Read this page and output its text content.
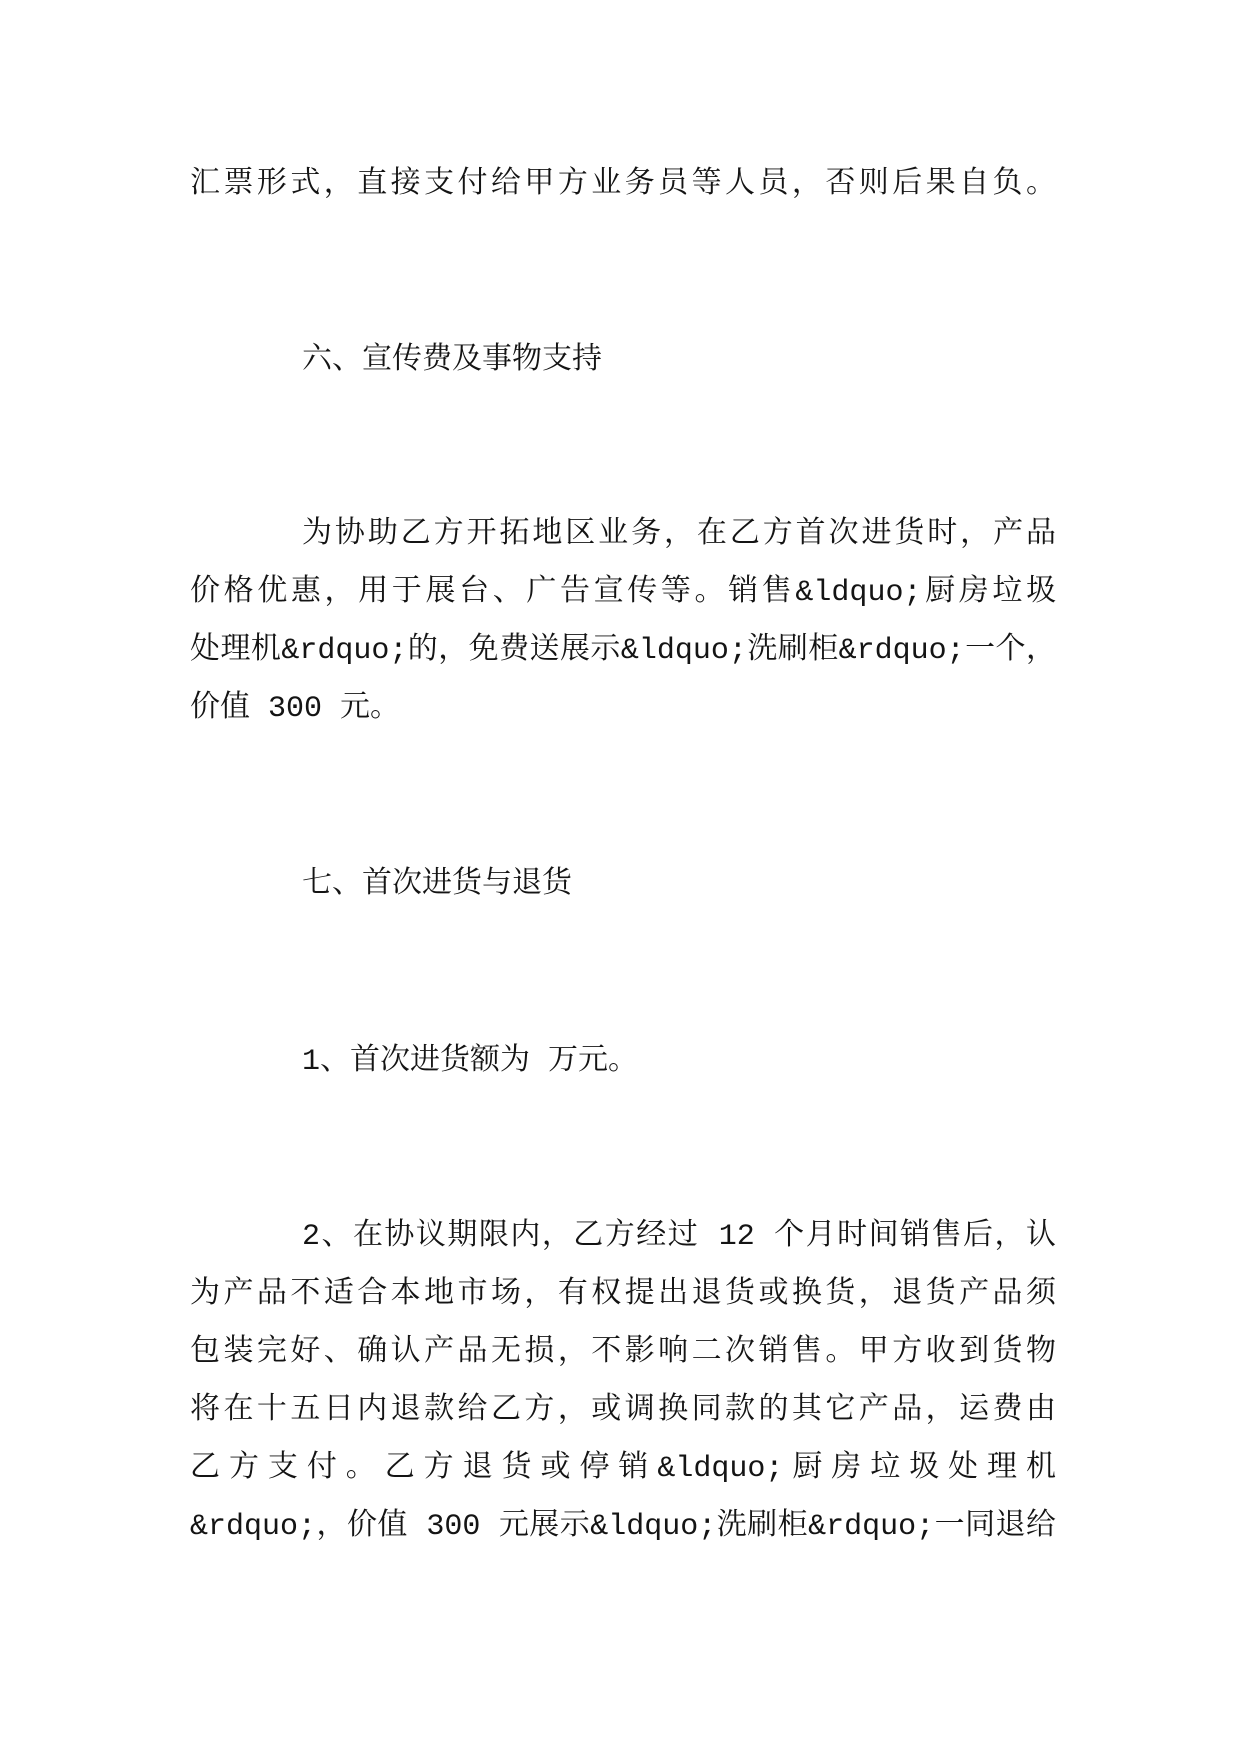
汇票形式，直接支付给甲方业务员等人员，否则后果自负。
六、宣传费及事物支持
为协助乙方开拓地区业务，在乙方首次进货时，产品
价格优惠，用于展台、广告宣传等。销售&ldquo;厨房垃圾
处理机&rdquo;的，免费送展示&ldquo;洗刷柜&rdquo;一个，
价值 300 元。
七、首次进货与退货
1、首次进货额为 万元。
2、在协议期限内，乙方经过 12 个月时间销售后，认
为产品不适合本地市场，有权提出退货或换货，退货产品须
包装完好、确认产品无损，不影响二次销售。甲方收到货物
将在十五日内退款给乙方，或调换同款的其它产品，运费由
乙方支付。乙方退货或停销&ldquo;厨房垃圾处理机
&rdquo;，价值 300 元展示&ldquo;洗刷柜&rdquo;一同退给
